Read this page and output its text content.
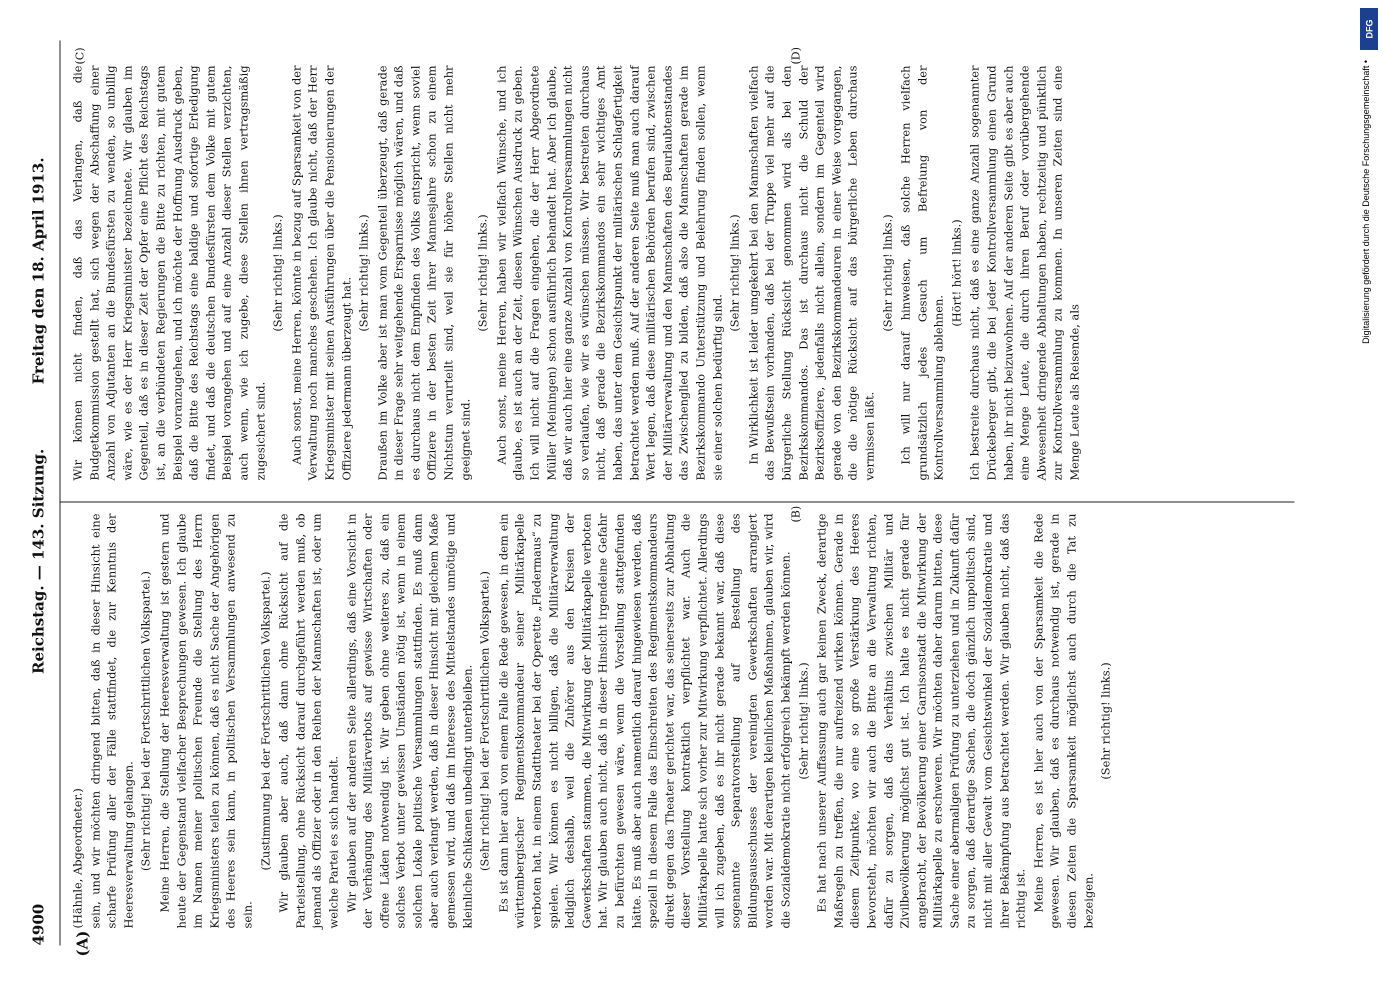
4900
Reichstag. — 143. Sitzung.
Freitag den 18. April 1913.
(A)
(B)
(C)	(D)

(Hähnle, Abgeordneter.) sein, und wir möchten dringend bitten, daß in dieser Hinsicht eine scharfe Prüfung aller der Fälle stattfindet, die zur Kenntnis der Heeresverwaltung gelangen. (Sehr richtig! bei der Fortschrittlichen Volkspartei.) Meine Herren, die Stellung der Heeresverwaltung ist gestern und heute der Gegenstand vielfacher Besprechungen gewesen. Ich glaube im Namen meiner politischen Freunde die Stellung des Herrn Kriegsministers teilen zu können, daß es nicht Sache der Angehörigen des Heeres sein kann, in politischen Versammlungen anwesend zu sein.

(Zustimmung bei der Fortschrittlichen Volkspartei.) Wir glauben aber auch, daß dann ohne Rücksicht auf die Parteistellung, ohne Rücksicht darauf durchgeführt werden muß, ob jemand als Offizier oder in den Reihen der Mannschaften ist, oder um welche Partei es sich handelt. Wir glauben auf der anderen Seite allerdings, daß eine Vorsicht in der Verhängung des Militärverbots auf gewisse Wirtschaften oder offene Läden notwendig ist. Wir geben ohne weiteres zu, daß ein solches Verbot unter gewissen Umständen nötig ist, wenn in einem solchen Lokale politische Versammlungen stattfinden. Es muß dann aber auch verlangt werden, daß in dieser Hinsicht mit gleichem Maße gemessen wird, und daß im Interesse des Mittelstandes unnötige und kleinliche Schikanen unbedingt unterbleiben. (Sehr richtig! bei der Fortschrittlichen Volkspartei.) Es ist dann hier auch von einem Falle die Rede gewesen, in dem ein württembergischer Regimentskommandeur seiner Militärkapelle verboten hat, in einem Stadttheater bei der Operette „Fledermaus“ zu spielen. Wir können es nicht billigen, daß die Militärverwaltung lediglich deshalb, weil die Zuhörer aus den Kreisen der Gewerkschaften stammen, die Mitwirkung der Militärkapelle verboten hat. Wir glauben auch nicht, daß in dieser Hinsicht irgendeine Gefahr zu befürchten gewesen wäre, wenn die Vorstellung stattgefunden hätte. Es muß aber auch namentlich darauf hingewiesen werden, daß speziell in diesem Falle das Einschreiten des Regimentskommandeurs direkt gegen das Theater gerichtet war, das seinerseits zur Abhaltung dieser Vorstellung kontraktlich verpflichtet war. Auch die Militärkapelle hatte sich vorher zur Mitwirkung verpflichtet. Allerdings will ich zugeben, daß es ihr nicht gerade bekannt war, daß diese sogenannte Separatvorstellung auf Bestellung des Bildungsausschusses der vereinigten Gewerkschaften arrangiert worden war. Mit derartigen kleinlichen Maßnahmen, glauben wir, wird die Sozialdemokratie nicht erfolgreich bekämpft werden können. (Sehr richtig! links.) Es hat nach unserer Auffassung auch gar keinen Zweck, derartige Maßregeln zu treffen, die nur aufreizend wirken können. Gerade in diesem Zeitpunkte, wo eine so große Verstärkung des Heeres bevorsteht, möchten wir auch die Bitte an die Verwaltung richten, dafür zu sorgen, daß das Verhältnis zwischen Militär und Zivilbevölkerung möglichst gut ist. Ich halte es nicht gerade für angebracht, der Bevölkerung einer Garnisonstadt die Mitwirkung der Militärkapelle zu erschweren. Wir möchten daher darum bitten, diese Sache einer abermaligen Prüfung zu unterziehen und in Zukunft dafür zu sorgen, daß derartige Sachen, die doch gänzlich unpolitisch sind, nicht mit aller Gewalt vom Gesichtswinkel der Sozialdemokratie und ihrer Bekämpfung aus betrachtet werden. Wir glauben nicht, daß das richtig ist. Meine Herren, es ist hier auch von der Sparsamkeit die Rede gewesen. Wir glauben, daß es durchaus notwendig ist, gerade in diesen Zeiten die Sparsamkeit möglichst auch durch die Tat zu bezeigen.

(Sehr richtig! links.)

Wir können nicht finden, daß das Verlangen, daß die Budgetkommission gestellt hat, sich wegen der Abschaffung einer Anzahl von Adjutanten an die Bundesfürsten zu wenden, so unbillig wäre, wie es der Herr Kriegsminister bezeichnete. Wir glauben im Gegenteil, daß es in dieser Zeit der Opfer eine Pflicht des Reichstags ist, an die verbündeten Regierungen die Bitte zu richten, mit gutem Beispiel voranzugehen, und ich möchte der Hoffnung Ausdruck geben, daß die Bitte des Reichstags eine baldige und sofortige Erledigung findet, und daß die deutschen Bundesfürsten dem Volke mit gutem Beispiel vorangehen und auf eine Anzahl dieser Stellen verzichten, auch wenn, wie ich zugebe, diese Stellen ihnen vertragsmäßig zugesichert sind.

(Sehr richtig! links.) Auch sonst, meine Herren, könnte in bezug auf Sparsamkeit von der Verwaltung noch manches geschehen. Ich glaube nicht, daß der Herr Kriegsminister mit seinen Ausführungen über die Pensionierungen der Offiziere jedermann überzeugt hat.

(Sehr richtig! links.) Draußen im Volke aber ist man vom Gegenteil überzeugt, daß gerade in dieser Frage sehr weitgehende Ersparnisse möglich wären, und daß es durchaus nicht dem Empfinden des Volks entspricht, wenn soviel Offiziere in der besten Zeit ihrer Mannesjahre schon zu einem Nichtstun verurteilt sind, weil sie für höhere Stellen nicht mehr geeignet sind.

(Sehr richtig! links.) Auch sonst, meine Herren, haben wir vielfach Wünsche, und ich glaube, es ist auch an der Zeit, diesen Wünschen Ausdruck zu geben. Ich will nicht auf die Fragen eingehen, die der Herr Abgeordnete Müller (Meiningen) schon ausführlich behandelt hat. Aber ich glaube, daß wir auch hier eine ganze Anzahl von Kontrollversammlungen nicht so verlaufen, wie wir es wünschen müssen. Wir bestreiten durchaus nicht, daß gerade die Bezirkskommandos ein sehr wichtiges Amt haben, das unter dem Gesichtspunkt der militärischen Schlagfertigkeit betrachtet werden muß. Auf der anderen Seite muß man auch darauf Wert legen, daß diese militärischen Behörden berufen sind, zwischen der Militärverwaltung und den Mannschaften des Beurlaubtenstandes das Zwischenglied zu bilden, daß also die Mannschaften gerade im Bezirkskommando Unterstützung und Belehrung finden sollen, wenn sie einer solchen bedürftig sind.

(Sehr richtig! links.) In Wirklichkeit ist leider umgekehrt bei den Mannschaften vielfach das Bewußtsein vorhanden, daß bei der Truppe viel mehr auf die bürgerliche Stellung Rücksicht genommen wird als bei den Bezirkskommandos. Das ist durchaus nicht die Schuld der Bezirksoffiziere, jedenfalls nicht allein, sondern im Gegenteil wird gerade von den Bezirkskommandeuren in einer Weise vorgegangen, die die nötige Rücksicht auf das bürgerliche Leben durchaus vermissen läßt.

(Sehr richtig! links.) Ich will nur darauf hinweisen, daß solche Herren vielfach grundsätzlich jedes Gesuch um Befreiung von der Kontrollversammlung ablehnen.

(Hört! hört! links.) Ich bestreite durchaus nicht, daß es eine ganze Anzahl sogenannter Drückeberger gibt, die bei jeder Kontrollversammlung einen Grund haben, ihr nicht beizuwohnen. Auf der anderen Seite gibt es aber auch eine Menge Leute, die durch ihren Beruf oder vorübergehende Abwesenheit dringende Abhaltungen haben, rechtzeitig und pünktlich zur Kontrollversammlung zu kommen. In unseren Zeiten sind eine Menge Leute als Reisende, als

Digitalisierung gefördert durch die Deutsche Forschungsgemeinschaft •
DFG
